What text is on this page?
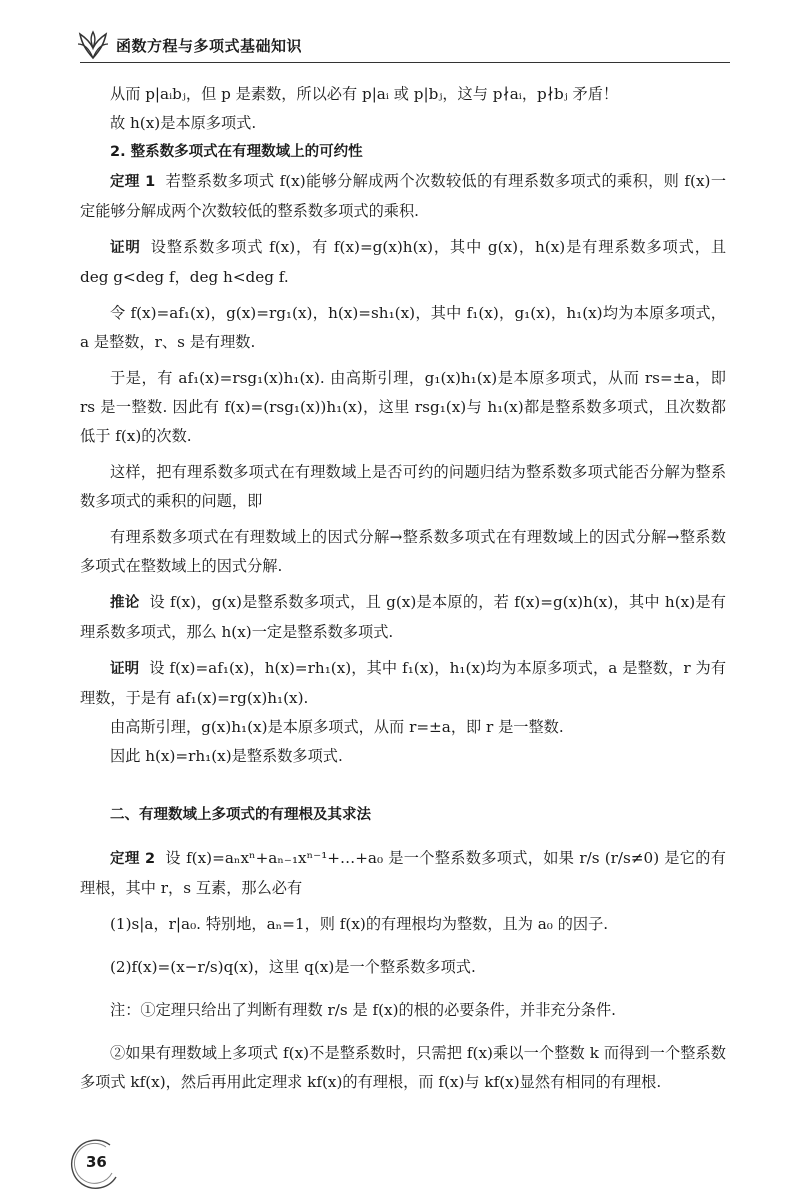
函数方程与多项式基础知识

从而 p|aᵢbⱼ，但 p 是素数，所以必有 p|aᵢ 或 p|bⱼ，这与 p∤aᵢ，p∤bⱼ 矛盾！

故 h(x)是本原多项式.

2. 整系数多项式在有理数域上的可约性

定理 1 若整系数多项式 f(x)能够分解成两个次数较低的有理系数多项式的乘积，则 f(x)一定能够分解成两个次数较低的整系数多项式的乘积.

证明 设整系数多项式 f(x)，有 f(x)=g(x)h(x)，其中 g(x)，h(x)是有理系数多项式，且 deg g<deg f，deg h<deg f.

令 f(x)=af₁(x)，g(x)=rg₁(x)，h(x)=sh₁(x)，其中 f₁(x)，g₁(x)，h₁(x)均为本原多项式，a 是整数，r、s 是有理数.

于是，有 af₁(x)=rsg₁(x)h₁(x). 由高斯引理，g₁(x)h₁(x)是本原多项式，从而 rs=±a，即 rs 是一整数. 因此有 f(x)=(rsg₁(x))h₁(x)，这里 rsg₁(x)与 h₁(x)都是整系数多项式，且次数都低于 f(x)的次数.

这样，把有理系数多项式在有理数域上是否可约的问题归结为整系数多项式能否分解为整系数多项式的乘积的问题，即

有理系数多项式在有理数域上的因式分解→整系数多项式在有理数域上的因式分解→整系数多项式在整数域上的因式分解.

推论 设 f(x)，g(x)是整系数多项式，且 g(x)是本原的，若 f(x)=g(x)h(x)，其中 h(x)是有理系数多项式，那么 h(x)一定是整系数多项式.

证明 设 f(x)=af₁(x)，h(x)=rh₁(x)，其中 f₁(x)，h₁(x)均为本原多项式，a 是整数，r 为有理数，于是有 af₁(x)=rg(x)h₁(x).

由高斯引理，g(x)h₁(x)是本原多项式，从而 r=±a，即 r 是一整数.

因此 h(x)=rh₁(x)是整系数多项式.

二、有理数域上多项式的有理根及其求法

定理 2 设 f(x)=aₙxⁿ+aₙ₋₁xⁿ⁻¹+…+a₀ 是一个整系数多项式，如果 r/s (r/s≠0) 是它的有理根，其中 r，s 互素，那么必有

(1)s|a，r|a₀. 特别地，aₙ=1，则 f(x)的有理根均为整数，且为 a₀ 的因子.

(2)f(x)=(x−r/s)q(x)，这里 q(x)是一个整系数多项式.

注：①定理只给出了判断有理数 r/s 是 f(x)的根的必要条件，并非充分条件.

②如果有理数域上多项式 f(x)不是整系数时，只需把 f(x)乘以一个整数 k 而得到一个整系数多项式 kf(x)，然后再用此定理求 kf(x)的有理根，而 f(x)与 kf(x)显然有相同的有理根.

36
